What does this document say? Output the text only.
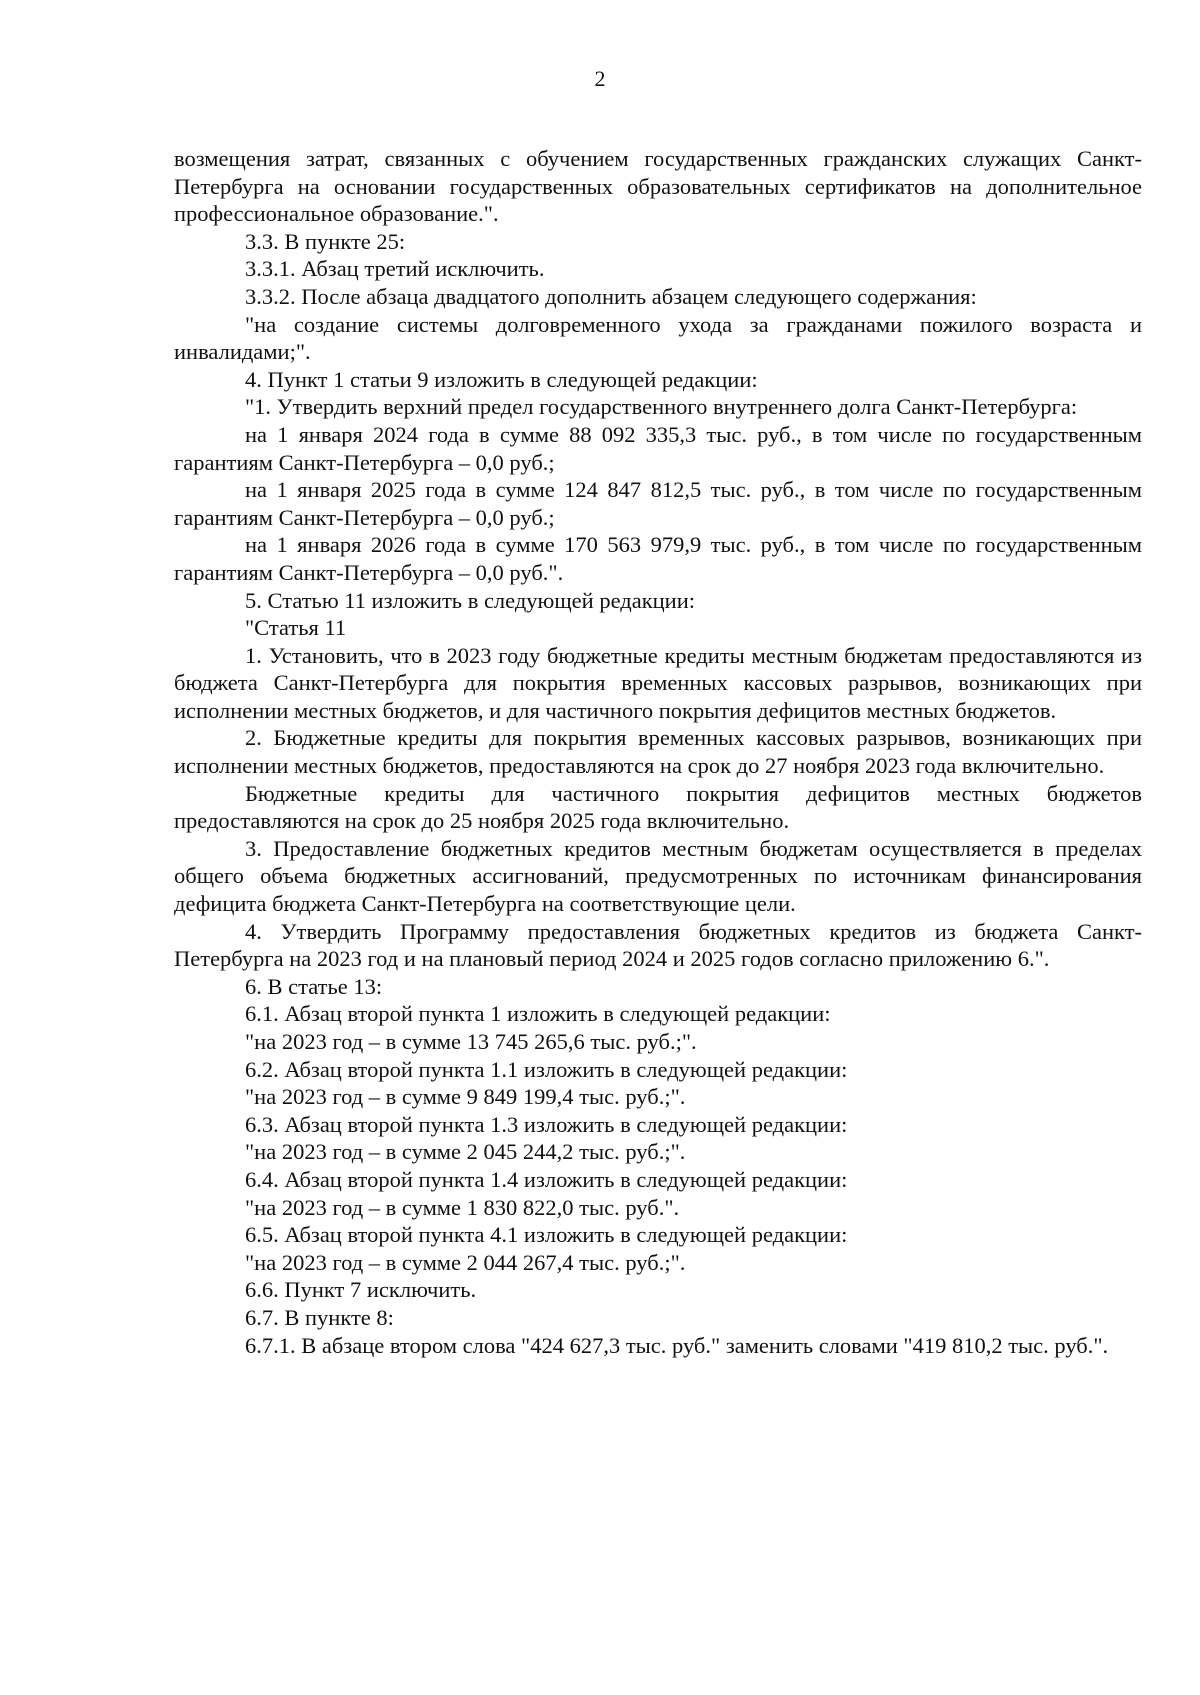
2

возмещения затрат, связанных с обучением государственных гражданских служащих Санкт-Петербурга на основании государственных образовательных сертификатов на дополнительное профессиональное образование.".

3.3. В пункте 25:

3.3.1. Абзац третий исключить.

3.3.2. После абзаца двадцатого дополнить абзацем следующего содержания:

"на создание системы долговременного ухода за гражданами пожилого возраста и инвалидами;".

4. Пункт 1 статьи 9 изложить в следующей редакции:

"1. Утвердить верхний предел государственного внутреннего долга Санкт-Петербурга:

на 1 января 2024 года в сумме 88 092 335,3 тыс. руб., в том числе по государственным гарантиям Санкт-Петербурга – 0,0 руб.;

на 1 января 2025 года в сумме 124 847 812,5 тыс. руб., в том числе по государственным гарантиям Санкт-Петербурга – 0,0 руб.;

на 1 января 2026 года в сумме 170 563 979,9 тыс. руб., в том числе по государственным гарантиям Санкт-Петербурга – 0,0 руб.".

5. Статью 11 изложить в следующей редакции:

"Статья 11

1. Установить, что в 2023 году бюджетные кредиты местным бюджетам предоставляются из бюджета Санкт-Петербурга для покрытия временных кассовых разрывов, возникающих при исполнении местных бюджетов, и для частичного покрытия дефицитов местных бюджетов.

2. Бюджетные кредиты для покрытия временных кассовых разрывов, возникающих при исполнении местных бюджетов, предоставляются на срок до 27 ноября 2023 года включительно.

Бюджетные кредиты для частичного покрытия дефицитов местных бюджетов предоставляются на срок до 25 ноября 2025 года включительно.

3. Предоставление бюджетных кредитов местным бюджетам осуществляется в пределах общего объема бюджетных ассигнований, предусмотренных по источникам финансирования дефицита бюджета Санкт-Петербурга на соответствующие цели.

4. Утвердить Программу предоставления бюджетных кредитов из бюджета Санкт-Петербурга на 2023 год и на плановый период 2024 и 2025 годов согласно приложению 6.".

6. В статье 13:

6.1. Абзац второй пункта 1 изложить в следующей редакции:

"на 2023 год – в сумме 13 745 265,6 тыс. руб.;".

6.2. Абзац второй пункта 1.1 изложить в следующей редакции:

"на 2023 год – в сумме 9 849 199,4 тыс. руб.;".

6.3. Абзац второй пункта 1.3 изложить в следующей редакции:

"на 2023 год – в сумме 2 045 244,2 тыс. руб.;".

6.4. Абзац второй пункта 1.4 изложить в следующей редакции:

"на 2023 год – в сумме 1 830 822,0 тыс. руб.".

6.5. Абзац второй пункта 4.1 изложить в следующей редакции:

"на 2023 год – в сумме 2 044 267,4 тыс. руб.;".

6.6. Пункт 7 исключить.

6.7. В пункте 8:

6.7.1. В абзаце втором слова "424 627,3 тыс. руб." заменить словами "419 810,2 тыс. руб.".
